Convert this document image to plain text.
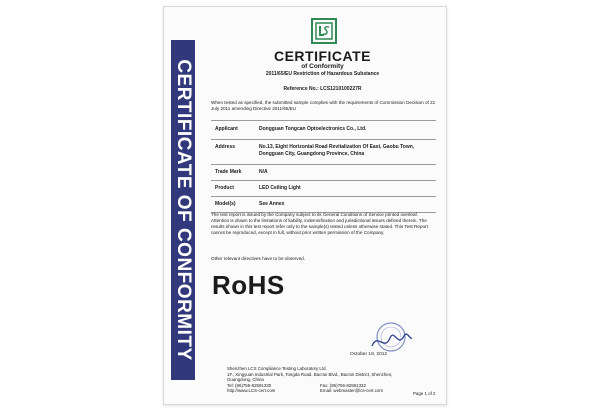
CERTIFICATE OF CONFORMITY
CERTIFICATE
of Conformity
2011/65/EU Restriction of Hazardous Substance
Reference No.: LCS1210100227R
When tested as specified, the submitted sample complies with the requirements of Commission Decision of 21 July 2011 amending Directive 2011/65/EU
Applicant	Dongguan Tongcan Optoelectronics Co., Ltd.
Address	No.13, Eight Horizontal Road Revitalization Of East, Gaobu Town, Dongguan City, Guangdong Province, China
Trade Mark	N/A
Product	LED Ceiling Light
Model(s)	See Annex
The test report is issued by the Company subject to its General Conditions of Service printed overleaf. Attention is drawn to the limitations of liability, indemnification and jurisdictional issues defined therein. The results shown in this test report refer only to the sample(s) tested unless otherwise stated. This Test Report cannot be reproduced, except in full, without prior written permission of the Company.
Other relevant directives have to be observed.
RoHS
October 18, 2012
Shenzhen LCS Compliance Testing Laboratory Ltd.
1F., Xingyuan Industrial Park, Tongda Road, Bao'an Blvd., Bao'an District, Shenzhen,
Guangdong, China
Tel: (86)755-82591330	Fax: (86)755-82591332
http://www.LCS-cert.com	Email: webmaster@lcs-cert.com
Page 1 of 2
